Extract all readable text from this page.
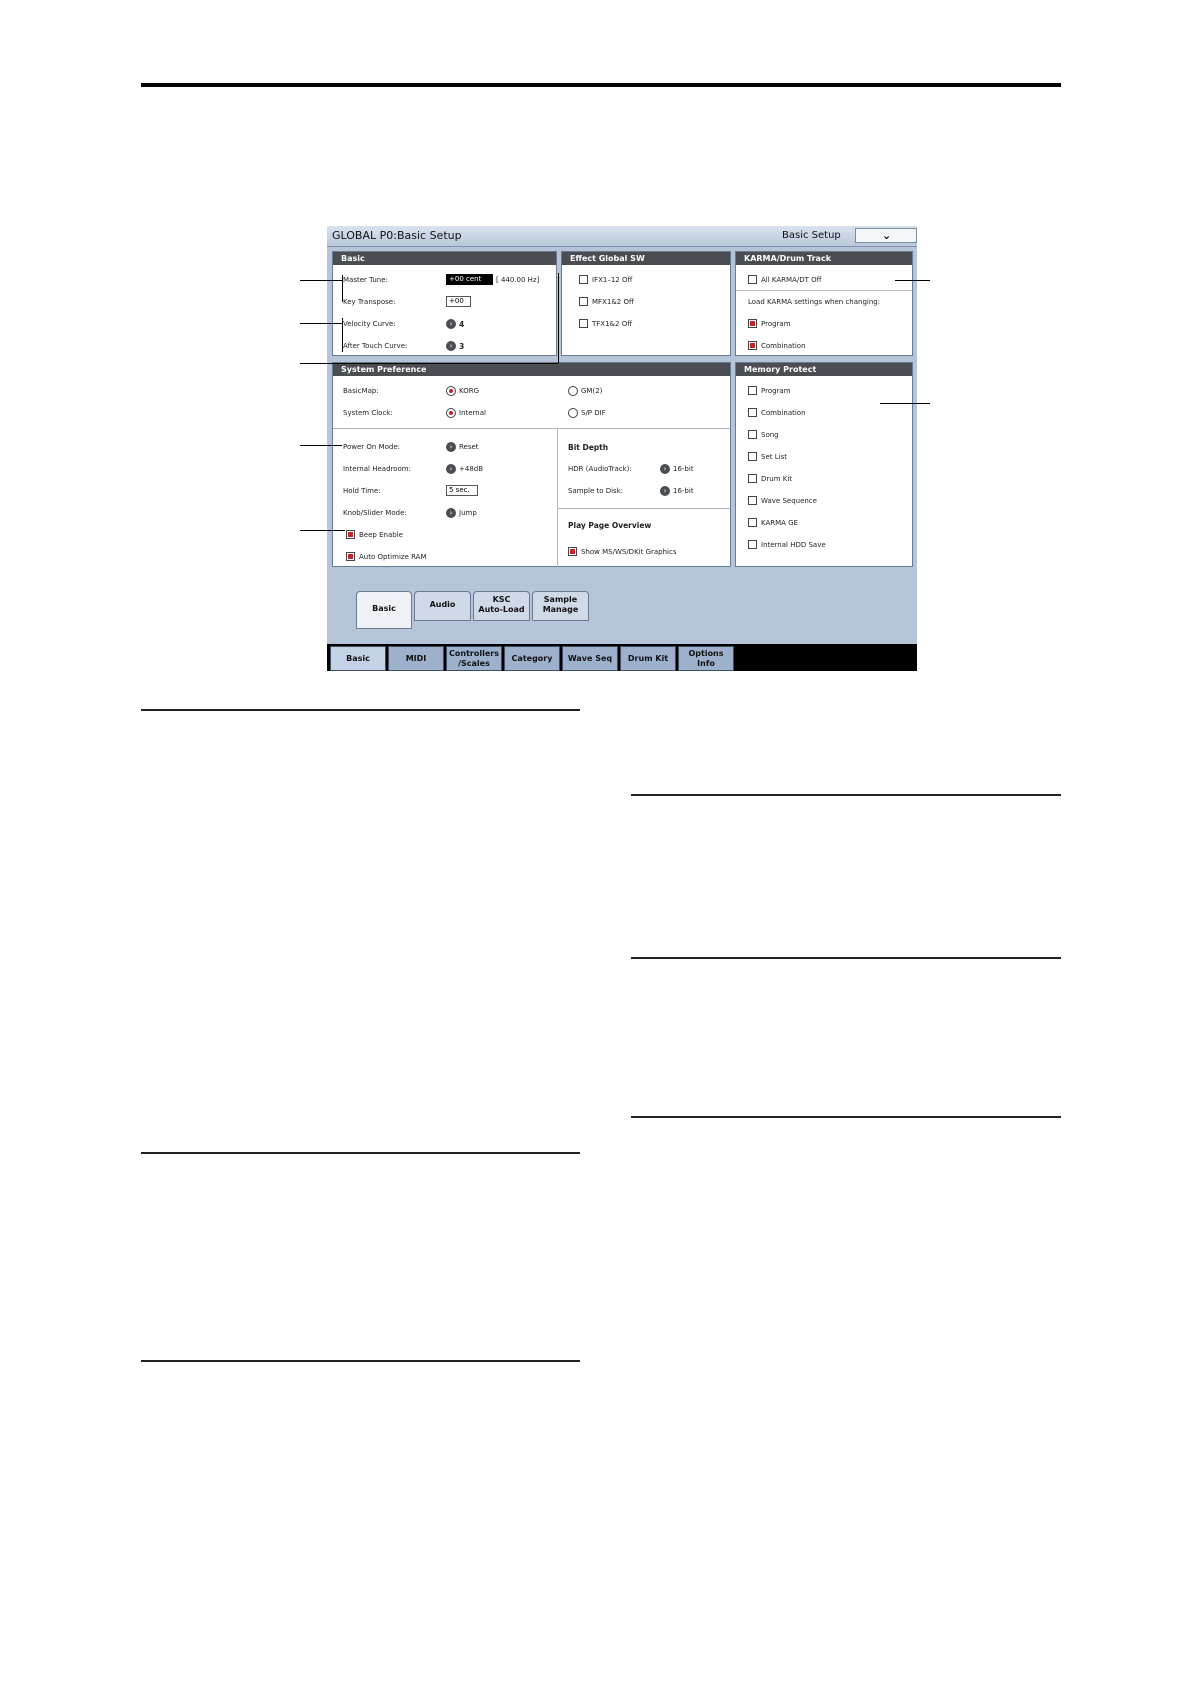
GLOBAL P0:Basic Setup	Basic Setup	⌄
Basic
Master Tune:	+00 cent	[ 440.00 Hz]
Key Transpose:	+00
Velocity Curve:	› 4
After Touch Curve:	› 3
Effect Global SW
IFX1–12 Off
MFX1&2 Off
TFX1&2 Off
KARMA/Drum Track
All KARMA/DT Off
Load KARMA settings when changing:
Program
Combination
System Preference
BasicMap:	KORG	GM(2)
System Clock:	Internal	S/P DIF
Power On Mode:	› Reset
Internal Headroom:	› +48dB
Hold Time:	5 sec.
Knob/Slider Mode:	› Jump
Beep Enable
Auto Optimize RAM
Bit Depth
HDR (AudioTrack):	› 16-bit
Sample to Disk:	› 16-bit
Play Page Overview
Show MS/WS/DKit Graphics
Memory Protect
Program
Combination
Song
Set List
Drum Kit
Wave Sequence
KARMA GE
Internal HDD Save
Basic	Audio
KSC
Auto-Load
Sample
Manage
Basic	MIDI
Controllers
/Scales
Category	Wave Seq	Drum Kit
Options
Info
